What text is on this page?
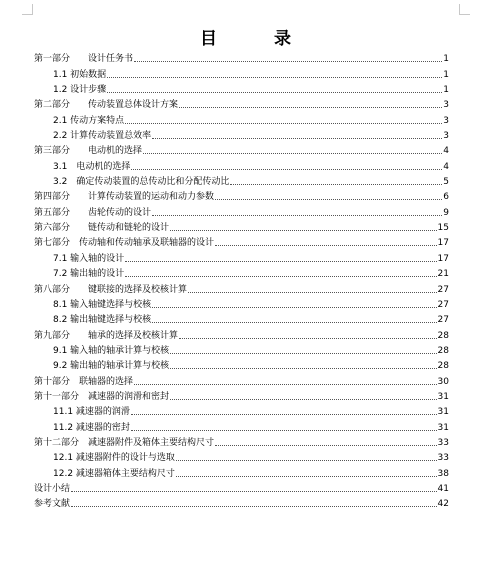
目　录
第一部分　　设计任务书	1
1.1 初始数据	1
1.2 设计步骤	1
第二部分　　传动装置总体设计方案	3
2.1 传动方案特点	3
2.2 计算传动装置总效率	3
第三部分　　电动机的选择	4
3.1　电动机的选择	4
3.2　确定传动装置的总传动比和分配传动比	5
第四部分　　计算传动装置的运动和动力参数	6
第五部分　　齿轮传动的设计	9
第六部分　　链传动和链轮的设计	15
第七部分　传动轴和传动轴承及联轴器的设计	17
7.1 输入轴的设计	17
7.2 输出轴的设计	21
第八部分　　键联接的选择及校核计算	27
8.1 输入轴键选择与校核	27
8.2 输出轴键选择与校核	27
第九部分　　轴承的选择及校核计算	28
9.1 输入轴的轴承计算与校核	28
9.2 输出轴的轴承计算与校核	28
第十部分　联轴器的选择	30
第十一部分　减速器的润滑和密封	31
11.1 减速器的润滑	31
11.2 减速器的密封	31
第十二部分　减速器附件及箱体主要结构尺寸	33
12.1 减速器附件的设计与选取	33
12.2 减速器箱体主要结构尺寸	38
设计小结	41
参考文献	42
